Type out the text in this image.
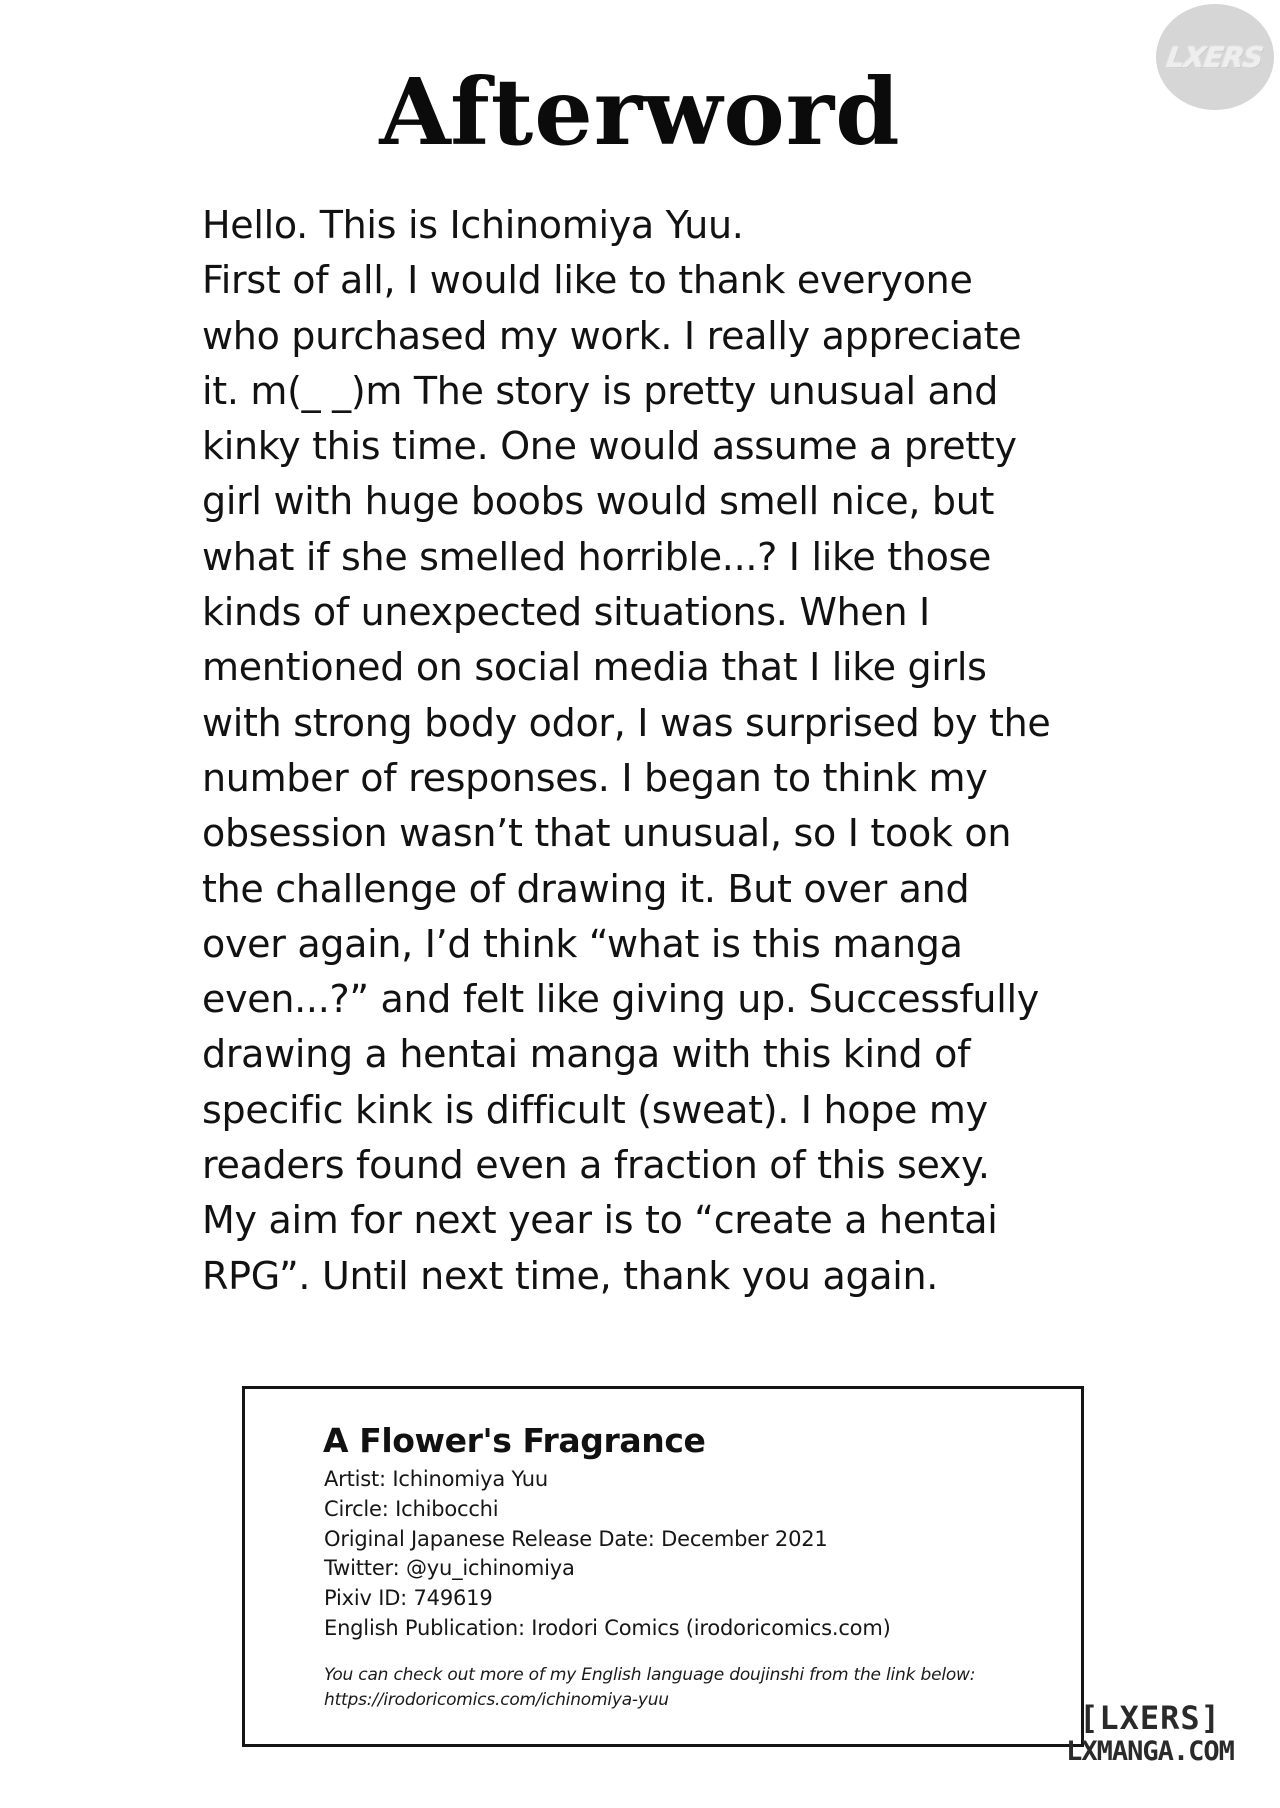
LXERS
Afterword
Hello. This is Ichinomiya Yuu.
First of all, I would like to thank everyone
who purchased my work. I really appreciate
it. m(_ _)m The story is pretty unusual and
kinky this time. One would assume a pretty
girl with huge boobs would smell nice, but
what if she smelled horrible...? I like those
kinds of unexpected situations. When I
mentioned on social media that I like girls
with strong body odor, I was surprised by the
number of responses. I began to think my
obsession wasn’t that unusual, so I took on
the challenge of drawing it. But over and
over again, I’d think “what is this manga
even...?” and felt like giving up. Successfully
drawing a hentai manga with this kind of
specific kink is difficult (sweat). I hope my
readers found even a fraction of this sexy.
My aim for next year is to “create a hentai
RPG”. Until next time, thank you again.
A Flower's Fragrance
Artist: Ichinomiya Yuu
Circle: Ichibocchi
Original Japanese Release Date: December 2021
Twitter: @yu_ichinomiya
Pixiv ID: 749619
English Publication: Irodori Comics (irodoricomics.com)
You can check out more of my English language doujinshi from the link below:
https://irodoricomics.com/ichinomiya-yuu	[LXERS]
LXMANGA.COM
